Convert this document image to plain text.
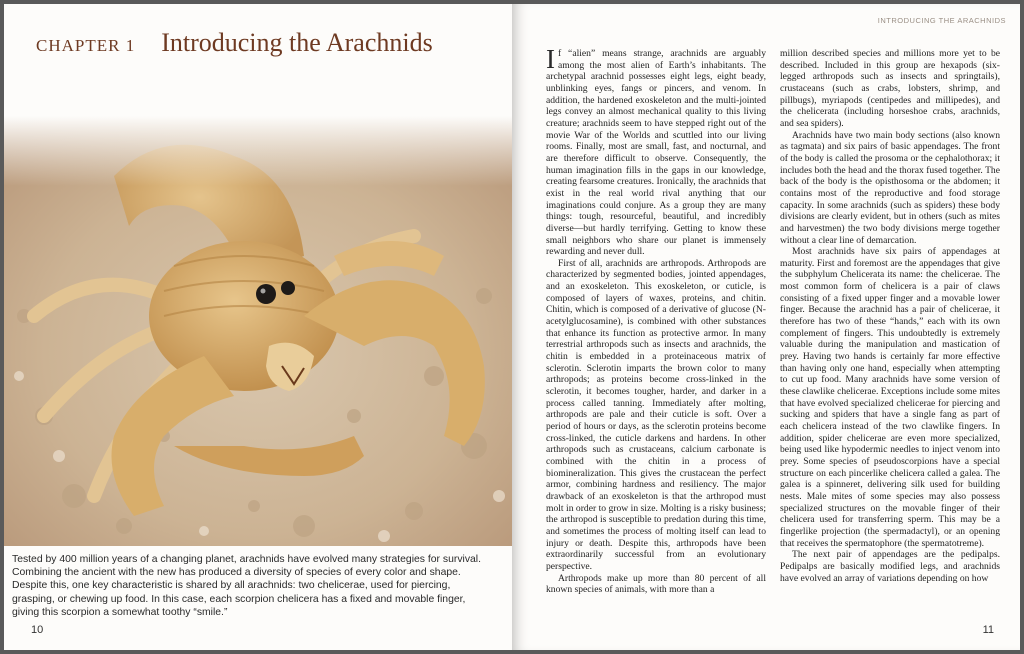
CHAPTER 1 Introducing the Arachnids

Tested by 400 million years of a changing planet, arachnids have evolved many strategies for survival. Combining the ancient with the new has produced a diversity of species of every color and shape. Despite this, one key characteristic is shared by all arachnids: two chelicerae, used for piercing, grasping, or chewing up food. In this case, each scorpion chelicera has a fixed and movable finger, giving this scorpion a somewhat toothy “smile.”

10
INTRODUCING THE ARACHNIDS

If “alien” means strange, arachnids are arguably among the most alien of Earth’s inhabitants. The archetypal arachnid possesses eight legs, eight beady, unblinking eyes, fangs or pincers, and venom. In addition, the hardened exoskeleton and the multi-jointed legs convey an almost mechanical quality to this living creature; arachnids seem to have stepped right out of the movie War of the Worlds and scuttled into our living rooms. Finally, most are small, fast, and nocturnal, and are therefore difficult to observe. Consequently, the human imagination fills in the gaps in our knowledge, creating fearsome creatures. Ironically, the arachnids that exist in the real world rival anything that our imaginations could conjure. As a group they are many things: tough, resourceful, beautiful, and incredibly diverse—but hardly terrifying. Getting to know these small neighbors who share our planet is immensely rewarding and never dull.

First of all, arachnids are arthropods. Arthropods are characterized by segmented bodies, jointed appendages, and an exoskeleton. This exoskeleton, or cuticle, is composed of layers of waxes, proteins, and chitin. Chitin, which is composed of a derivative of glucose (N-acetylglucosamine), is combined with other substances that enhance its function as protective armor. In many terrestrial arthropods such as insects and arachnids, the chitin is embedded in a proteinaceous matrix of sclerotin. Sclerotin imparts the brown color to many arthropods; as proteins become cross-linked in the sclerotin, it becomes tougher, harder, and darker in a process called tanning. Immediately after molting, arthropods are pale and their cuticle is soft. Over a period of hours or days, as the sclerotin proteins become cross-linked, the cuticle darkens and hardens. In other arthropods such as crustaceans, calcium carbonate is combined with the chitin in a process of biomineralization. This gives the crustacean the perfect armor, combining hardness and resiliency. The major drawback of an exoskeleton is that the arthropod must molt in order to grow in size. Molting is a risky business; the arthropod is susceptible to predation during this time, and sometimes the process of molting itself can lead to injury or death. Despite this, arthropods have been extraordinarily successful from an evolutionary perspective.

Arthropods make up more than 80 percent of all known species of animals, with more than a

million described species and millions more yet to be described. Included in this group are hexapods (six-legged arthropods such as insects and springtails), crustaceans (such as crabs, lobsters, shrimp, and pillbugs), myriapods (centipedes and millipedes), and the chelicerata (including horseshoe crabs, arachnids, and sea spiders).

Arachnids have two main body sections (also known as tagmata) and six pairs of basic appendages. The front of the body is called the prosoma or the cephalothorax; it includes both the head and the thorax fused together. The back of the body is the opisthosoma or the abdomen; it contains most of the reproductive and food storage capacity. In some arachnids (such as spiders) these body divisions are clearly evident, but in others (such as mites and harvestmen) the two body divisions merge together without a clear line of demarcation.

Most arachnids have six pairs of appendages at maturity. First and foremost are the appendages that give the subphylum Chelicerata its name: the chelicerae. The most common form of chelicera is a pair of claws consisting of a fixed upper finger and a movable lower finger. Because the arachnid has a pair of chelicerae, it therefore has two of these “hands,” each with its own complement of fingers. This undoubtedly is extremely valuable during the manipulation and mastication of prey. Having two hands is certainly far more effective than having only one hand, especially when attempting to cut up food. Many arachnids have some version of these clawlike chelicerae. Exceptions include some mites that have evolved specialized chelicerae for piercing and sucking and spiders that have a single fang as part of each chelicera instead of the two clawlike fingers. In addition, spider chelicerae are even more specialized, being used like hypodermic needles to inject venom into prey. Some species of pseudoscorpions have a special structure on each pincerlike chelicera called a galea. The galea is a spinneret, delivering silk used for building nests. Male mites of some species may also possess specialized structures on the movable finger of their chelicera used for transferring sperm. This may be a fingerlike projection (the spermadactyl), or an opening that receives the spermatophore (the spermatotreme).

The next pair of appendages are the pedipalps. Pedipalps are basically modified legs, and arachnids have evolved an array of variations depending on how

11
